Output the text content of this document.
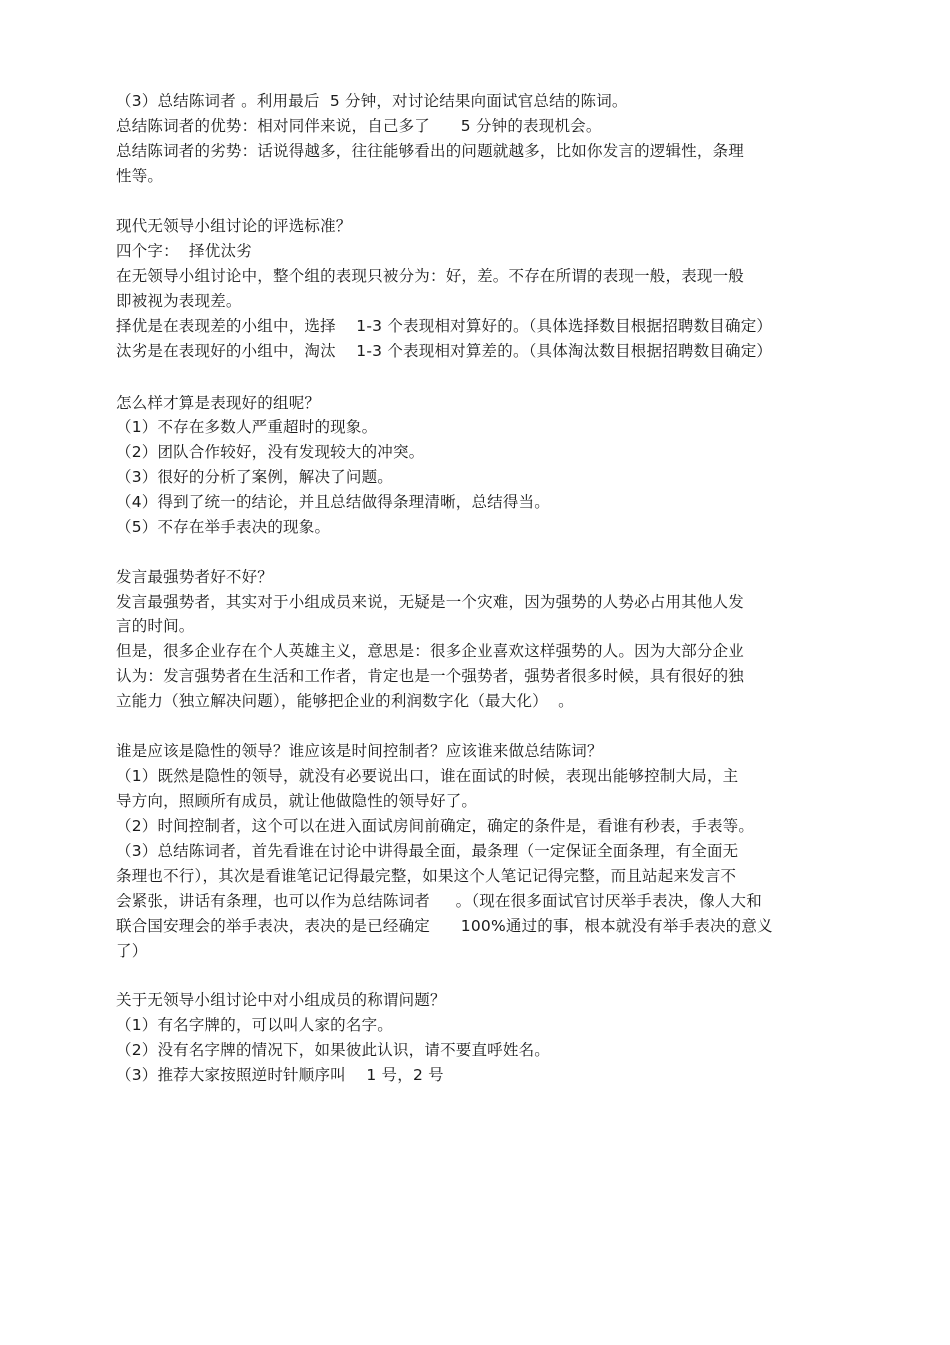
（3）总结陈词者 。利用最后  5 分钟，对讨论结果向面试官总结的陈词。
总结陈词者的优势：相对同伴来说，自己多了      5 分钟的表现机会。
总结陈词者的劣势：话说得越多，往往能够看出的问题就越多，比如你发言的逻辑性，条理
性等。
现代无领导小组讨论的评选标准？
四个字：  择优汰劣
在无领导小组讨论中，整个组的表现只被分为：好，差。不存在所谓的表现一般，表现一般
即被视为表现差。
择优是在表现差的小组中，选择    1-3 个表现相对算好的。（具体选择数目根据招聘数目确定）
汰劣是在表现好的小组中，淘汰    1-3 个表现相对算差的。（具体淘汰数目根据招聘数目确定）
怎么样才算是表现好的组呢？
（1）不存在多数人严重超时的现象。
（2）团队合作较好，没有发现较大的冲突。
（3）很好的分析了案例，解决了问题。
（4）得到了统一的结论，并且总结做得条理清晰，总结得当。
（5）不存在举手表决的现象。
发言最强势者好不好？
发言最强势者，其实对于小组成员来说，无疑是一个灾难，因为强势的人势必占用其他人发
言的时间。
但是，很多企业存在个人英雄主义，意思是：很多企业喜欢这样强势的人。因为大部分企业
认为：发言强势者在生活和工作者，肯定也是一个强势者，强势者很多时候，具有很好的独
立能力（独立解决问题），能够把企业的利润数字化（最大化）  。
谁是应该是隐性的领导？谁应该是时间控制者？应该谁来做总结陈词？
（1）既然是隐性的领导，就没有必要说出口，谁在面试的时候，表现出能够控制大局，主
导方向，照顾所有成员，就让他做隐性的领导好了。
（2）时间控制者，这个可以在进入面试房间前确定，确定的条件是，看谁有秒表，手表等。
（3）总结陈词者，首先看谁在讨论中讲得最全面，最条理（一定保证全面条理，有全面无
条理也不行），其次是看谁笔记记得最完整，如果这个人笔记记得完整，而且站起来发言不
会紧张，讲话有条理，也可以作为总结陈词者     。（现在很多面试官讨厌举手表决，像人大和
联合国安理会的举手表决，表决的是已经确定      100%通过的事，根本就没有举手表决的意义
了）
关于无领导小组讨论中对小组成员的称谓问题？
（1）有名字牌的，可以叫人家的名字。
（2）没有名字牌的情况下，如果彼此认识，请不要直呼姓名。
（3）推荐大家按照逆时针顺序叫    1 号，2 号
